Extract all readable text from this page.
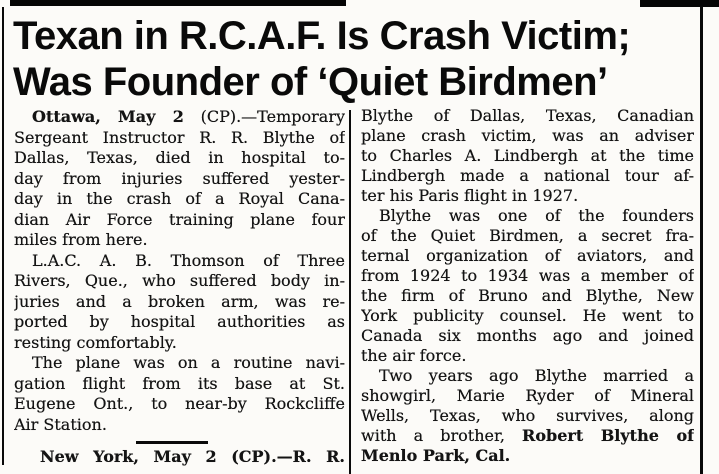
Texan in R.C.A.F. Is Crash Victim;
Was Founder of ‘Quiet Birdmen’

Ottawa, May 2 (CP).—Temporary
Sergeant Instructor R. R. Blythe of
Dallas, Texas, died in hospital to-
day from injuries suffered yester-
day in the crash of a Royal Cana-
dian Air Force training plane four
miles from here.

L.A.C. A. B. Thomson of Three
Rivers, Que., who suffered body in-
juries and a broken arm, was re-
ported by hospital authorities as
resting comfortably.

The plane was on a routine navi-
gation flight from its base at St.
Eugene Ont., to near-by Rockcliffe
Air Station.

New York, May 2 (CP).—R. R.

Blythe of Dallas, Texas, Canadian
plane crash victim, was an adviser
to Charles A. Lindbergh at the time
Lindbergh made a national tour af-
ter his Paris flight in 1927.

Blythe was one of the founders
of the Quiet Birdmen, a secret fra-
ternal organization of aviators, and
from 1924 to 1934 was a member of
the firm of Bruno and Blythe, New
York publicity counsel. He went to
Canada six months ago and joined
the air force.

Two years ago Blythe married a
showgirl, Marie Ryder of Mineral
Wells, Texas, who survives, along
with a brother, Robert Blythe of
Menlo Park, Cal.
